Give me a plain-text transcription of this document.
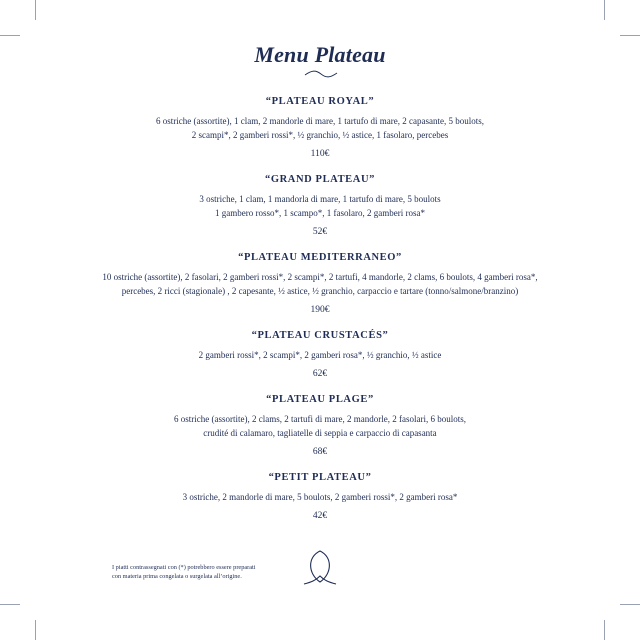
Menu Plateau
“PLATEAU ROYAL”

6 ostriche (assortite), 1 clam, 2 mandorle di mare, 1 tartufo di mare, 2 capasante, 5 boulots,
2 scampi*, 2 gamberi rossi*, ½ granchio, ½ astice, 1 fasolaro, percebes

110€
“GRAND PLATEAU”

3 ostriche, 1 clam, 1 mandorla di mare, 1 tartufo di mare, 5 boulots
1 gambero rosso*, 1 scampo*, 1 fasolaro, 2 gamberi rosa*

52€
“PLATEAU MEDITERRANEO”

10 ostriche (assortite), 2 fasolari, 2 gamberi rossi*, 2 scampi*, 2 tartufi, 4 mandorle, 2 clams, 6 boulots, 4 gamberi rosa*,
percebes, 2 ricci (stagionale) , 2 capesante, ½ astice, ½ granchio, carpaccio e tartare (tonno/salmone/branzino)

190€
“PLATEAU CRUSTACÉS”

2 gamberi rossi*, 2 scampi*, 2 gamberi rosa*, ½ granchio, ½ astice

62€
“PLATEAU PLAGE”

6 ostriche (assortite), 2 clams, 2 tartufi di mare, 2 mandorle, 2 fasolari, 6 boulots,
crudité di calamaro, tagliatelle di seppia e carpaccio di capasanta

68€
“PETIT PLATEAU”

3 ostriche, 2 mandorle di mare, 5 boulots, 2 gamberi rossi*, 2 gamberi rosa*

42€
I piatti contrassegnati con (*) potrebbero essere preparati
con materia prima congelata o surgelata all’origine.
